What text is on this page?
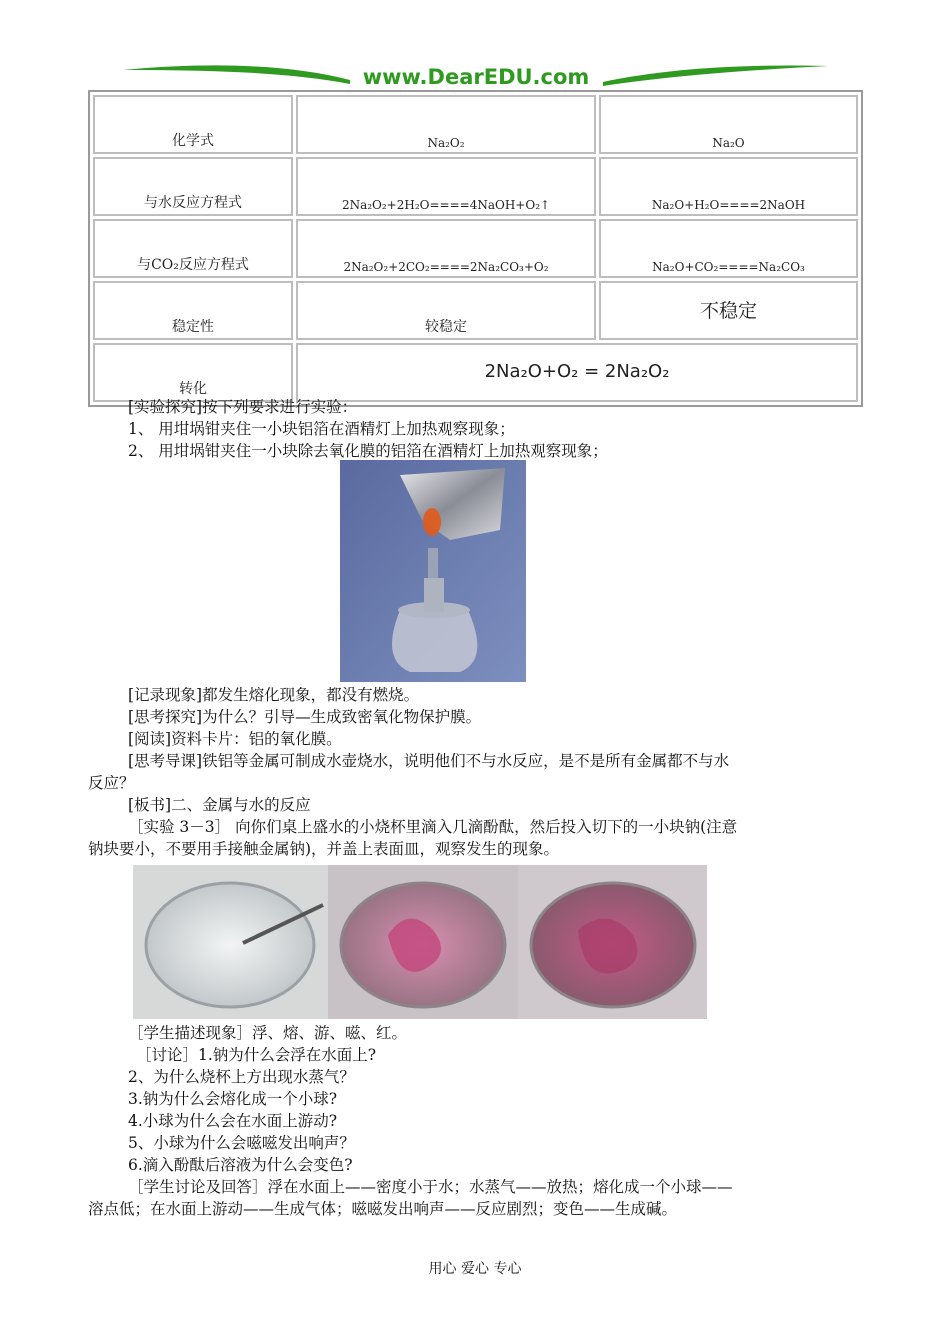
www.DearEDU.com
化学式	Na₂O₂	Na₂O
与水反应方程式	2Na₂O₂+2H₂O====4NaOH+O₂↑	Na₂O+H₂O====2NaOH
与CO₂反应方程式	2Na₂O₂+2CO₂====2Na₂CO₃+O₂	Na₂O+CO₂====Na₂CO₃
稳定性	较稳定	不稳定
转化	2Na₂O+O₂ = 2Na₂O₂	

[实验探究]按下列要求进行实验：

1、 用坩埚钳夹住一小块铝箔在酒精灯上加热观察现象；

2、 用坩埚钳夹住一小块除去氧化膜的铝箔在酒精灯上加热观察现象；

[记录现象]都发生熔化现象，都没有燃烧。

[思考探究]为什么？引导—生成致密氧化物保护膜。

[阅读]资料卡片：铝的氧化膜。

[思考导课]铁铝等金属可制成水壶烧水，说明他们不与水反应，是不是所有金属都不与水

反应？

[板书]二、金属与水的反应

［实验 3－3］ 向你们桌上盛水的小烧杯里滴入几滴酚酞，然后投入切下的一小块钠(注意

钠块要小，不要用手接触金属钠)，并盖上表面皿，观察发生的现象。

［学生描述现象］浮、熔、游、嗞、红。

［讨论］1.钠为什么会浮在水面上?

2、为什么烧杯上方出现水蒸气？

3.钠为什么会熔化成一个小球?

4.小球为什么会在水面上游动?

5、小球为什么会嗞嗞发出响声？

6.滴入酚酞后溶液为什么会变色?

［学生讨论及回答］浮在水面上——密度小于水；水蒸气——放热；熔化成一个小球——

溶点低；在水面上游动——生成气体；嗞嗞发出响声——反应剧烈；变色——生成碱。

用心 爱心 专心
